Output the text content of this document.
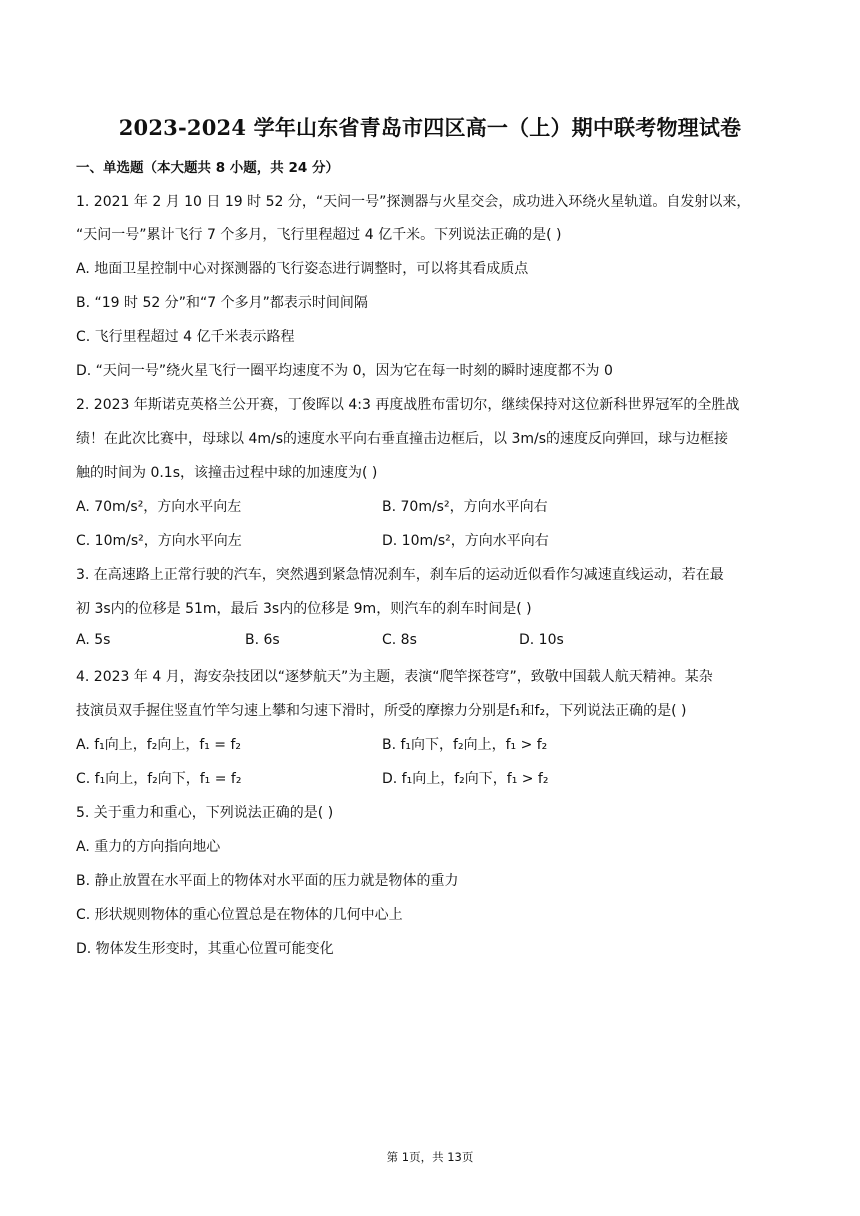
2023-2024 学年山东省青岛市四区高一（上）期中联考物理试卷
一、单选题（本大题共 8 小题，共 24 分）
1. 2021 年 2 月 10 日 19 时 52 分，“天问一号”探测器与火星交会，成功进入环绕火星轨道。自发射以来，
“天问一号”累计飞行 7 个多月，飞行里程超过 4 亿千米。下列说法正确的是( )
A. 地面卫星控制中心对探测器的飞行姿态进行调整时，可以将其看成质点
B. “19 时 52 分”和“7 个多月”都表示时间间隔
C. 飞行里程超过 4 亿千米表示路程
D. “天问一号”绕火星飞行一圈平均速度不为 0，因为它在每一时刻的瞬时速度都不为 0
2. 2023 年斯诺克英格兰公开赛，丁俊晖以 4:3 再度战胜布雷切尔，继续保持对这位新科世界冠军的全胜战
绩！在此次比赛中，母球以 4m/s的速度水平向右垂直撞击边框后，以 3m/s的速度反向弹回，球与边框接
触的时间为 0.1s，该撞击过程中球的加速度为( )
A. 70m/s²，方向水平向左	B. 70m/s²，方向水平向右
C. 10m/s²，方向水平向左	D. 10m/s²，方向水平向右
3. 在高速路上正常行驶的汽车，突然遇到紧急情况刹车，刹车后的运动近似看作匀减速直线运动，若在最
初 3s内的位移是 51m，最后 3s内的位移是 9m，则汽车的刹车时间是( )
A. 5s	B. 6s	C. 8s	D. 10s
4. 2023 年 4 月，海安杂技团以“逐梦航天”为主题，表演“爬竿探苍穹”，致敬中国载人航天精神。某杂
技演员双手握住竖直竹竿匀速上攀和匀速下滑时，所受的摩擦力分别是f₁和f₂，下列说法正确的是( )
A. f₁向上，f₂向上，f₁ = f₂	B. f₁向下，f₂向上，f₁ > f₂
C. f₁向上，f₂向下，f₁ = f₂	D. f₁向上，f₂向下，f₁ > f₂
5. 关于重力和重心，下列说法正确的是( )
A. 重力的方向指向地心
B. 静止放置在水平面上的物体对水平面的压力就是物体的重力
C. 形状规则物体的重心位置总是在物体的几何中心上
D. 物体发生形变时，其重心位置可能变化
第 1页，共 13页
